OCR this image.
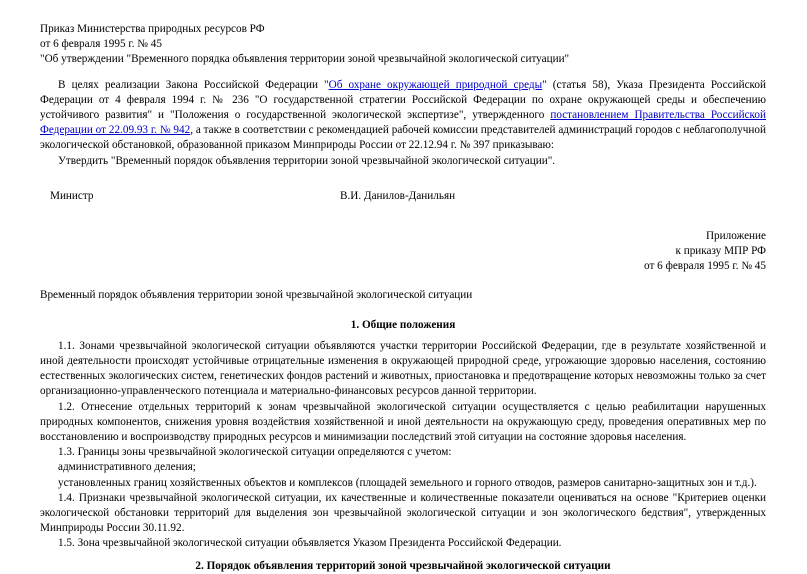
Приказ Министерства природных ресурсов РФ
от 6 февраля 1995 г. № 45
"Об утверждении "Временного порядка объявления территории зоной чрезвычайной экологической ситуации"

В целях реализации Закона Российской Федерации "Об охране окружающей природной среды" (статья 58), Указа Президента Российской Федерации от 4 февраля 1994 г. № 236 "О государственной стратегии Российской Федерации по охране окружающей среды и обеспечению устойчивого развития" и "Положения о государственной экологической экспертизе", утвержденного постановлением Правительства Российской Федерации от 22.09.93 г. № 942, а также в соответствии с рекомендацией рабочей комиссии представителей администраций городов с неблагополучной экологической обстановкой, образованной приказом Минприроды России от 22.12.94 г. № 397 приказываю:

Утвердить "Временный порядок объявления территории зоной чрезвычайной экологической ситуации".

Министр	В.И. Данилов-Данильян
Приложение
к приказу МПР РФ
от 6 февраля 1995 г. № 45

Временный порядок объявления территории зоной чрезвычайной экологической ситуации

1. Общие положения

1.1. Зонами чрезвычайной экологической ситуации объявляются участки территории Российской Федерации, где в результате хозяйственной и иной деятельности происходят устойчивые отрицательные изменения в окружающей природной среде, угрожающие здоровью населения, состоянию естественных экологических систем, генетических фондов растений и животных, приостановка и предотвращение которых невозможны только за счет организационно-управленческого потенциала и материально-финансовых ресурсов данной территории.

1.2. Отнесение отдельных территорий к зонам чрезвычайной экологической ситуации осуществляется с целью реабилитации нарушенных природных компонентов, снижения уровня воздействия хозяйственной и иной деятельности на окружающую среду, проведения оперативных мер по восстановлению и воспроизводству природных ресурсов и минимизации последствий этой ситуации на состояние здоровья населения.

1.3. Границы зоны чрезвычайной экологической ситуации определяются с учетом:

административного деления;

установленных границ хозяйственных объектов и комплексов (площадей земельного и горного отводов, размеров санитарно-защитных зон и т.д.).

1.4. Признаки чрезвычайной экологической ситуации, их качественные и количественные показатели оцениваться на основе "Критериев оценки экологической обстановки территорий для выделения зон чрезвычайной экологической ситуации и зон экологического бедствия", утвержденных Минприроды России 30.11.92.

1.5. Зона чрезвычайной экологической ситуации объявляется Указом Президента Российской Федерации.

2. Порядок объявления территорий зоной чрезвычайной экологической ситуации
